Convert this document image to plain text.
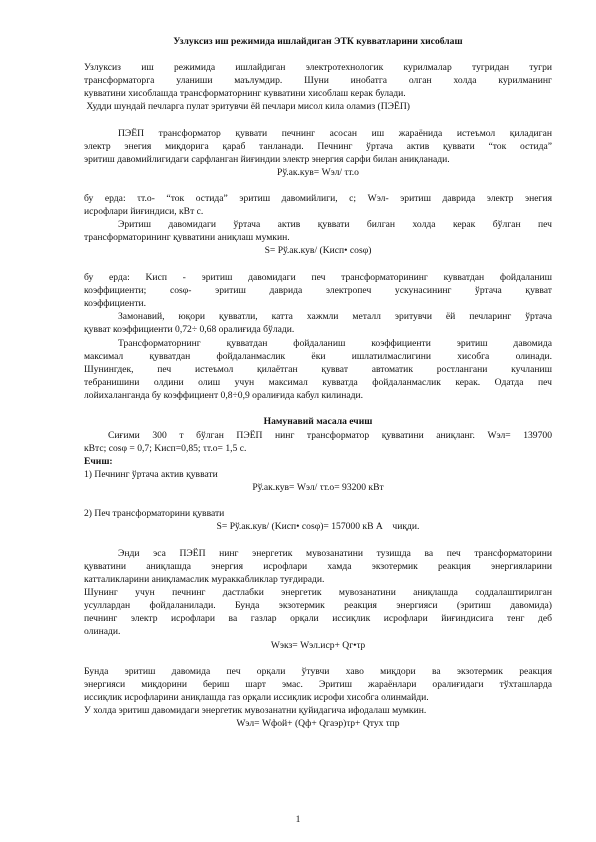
Узлуксиз иш режимида ишлайдиган ЭТК кувватларини хисоблаш
Узлуксиз иш режимида ишлайдиган электротехнологик курилмалар тугридан тугри
трансформаторга уланиши маълумдир. Шуни инобатга олган холда курилманинг
кувватини хисоблашда трансформаторнинг кувватини хисоблаш керак булади.
Худди шундай печларга пулат эритувчи ёй печлари мисол кила оламиз (ПЭЁП)
ПЭЁП трансформатор қуввати печнинг асосан иш жараёнида истеъмол қиладиган
электр энегия миқдорига қараб танланади. Печнинг ўртача актив қуввати “ток остида”
эритиш давомийлигидаги сарфланган йиғиндии электр энергия сарфи билан аниқланади.
Pў.ак.кув= Wэл/ τт.о
бу ерда: τт.о- “ток остида” эритиш давомийлиги, с; Wэл- эритиш даврида электр энегия
исрофлари йиғиндиси, кВт с.
Эритиш давомидаги ўртача актив қуввати билган холда керак бўлган печ
трансформаторининг қувватини аниқлаш мумкин.
S= Pў.ак.кув/ (Kисп• cosφ)
бу ерда: Kисп - эритиш давомидаги печ трансформаторининг кувватдан фойдаланиш
коэффициенти; cosφ- эритиш даврида электропеч ускунасининг ўртача қувват
коэффициенти.
Замонавий, юқори қувватли, катта хажмли металл эритувчи ёй печларинг ўртача
қувват коэффициенти 0,72÷ 0,68 оралиғида бўлади.
Трансформаторнинг қувватдан фойдаланиш коэффициенти эритиш давомида
максимал қувватдан фойдаланмаслик ёки ишлатилмаслигини хисобга олинади.
Шунингдек, печ истеъмол қилаётган қувват автоматик ростлангани кучланиш
тебранишини олдини олиш учун максимал кувватда фойдаланмаслик керак. Одатда печ
лойихаланганда бу коэффициент 0,8÷0,9 оралиғида кабул килинади.
Намунавий масала ечиш
Сиғими 300 т бўлган ПЭЁП нинг трансформатор қувватини аниқланг. Wэл= 139700
кВтс; cosφ = 0,7; Kисп=0,85; τт.о= 1,5 с.
Ечиш:
1) Печнинг ўртача актив қуввати
Pў.ак.кув= Wэл/ τт.о= 93200 кВт
2) Печ трансформаторини қуввати
S= Pў.ак.кув/ (Kисп• cosφ)= 157000 кВ А    чиқди.
Энди эса ПЭЁП нинг энергетик мувозанатини тузишда ва печ трансформаторини
қувватини аниқлашда энергия исрофлари хамда экзотермик реакция энергияларини
катталикларини аниқламаслик мураккабликлар туғдиради.
Шунинг учун печнинг дастлабки энергетик мувозанатини аниқлашда соддалаштирилган
усуллардан фойдаланилади. Бунда экзотермик реакция энергияси (эритиш давомида)
печнинг электр исрофлари ва газлар орқали иссиқлик исрофлари йиғиндисига тенг деб
олинади.
Wэкз= Wэл.иср+ Qг•τр
Бунда эритиш давомида печ орқали ўтувчи хаво миқдори ва экзотермик реакция
энергияси миқдорини бериш шарт эмас. Эритиш жараёнлари оралиғидаги тўхташларда
иссиқлик исрофларини аниқлашда газ орқали иссиқлик исрофи хисобга олинмайди.
У холда эритиш давомидаги энергетик мувозанатни қуйидагича ифодалаш мумкин.
Wэл= Wфой+ (Qф+ Qгаэр)τр+ Qтуx τпр
1
